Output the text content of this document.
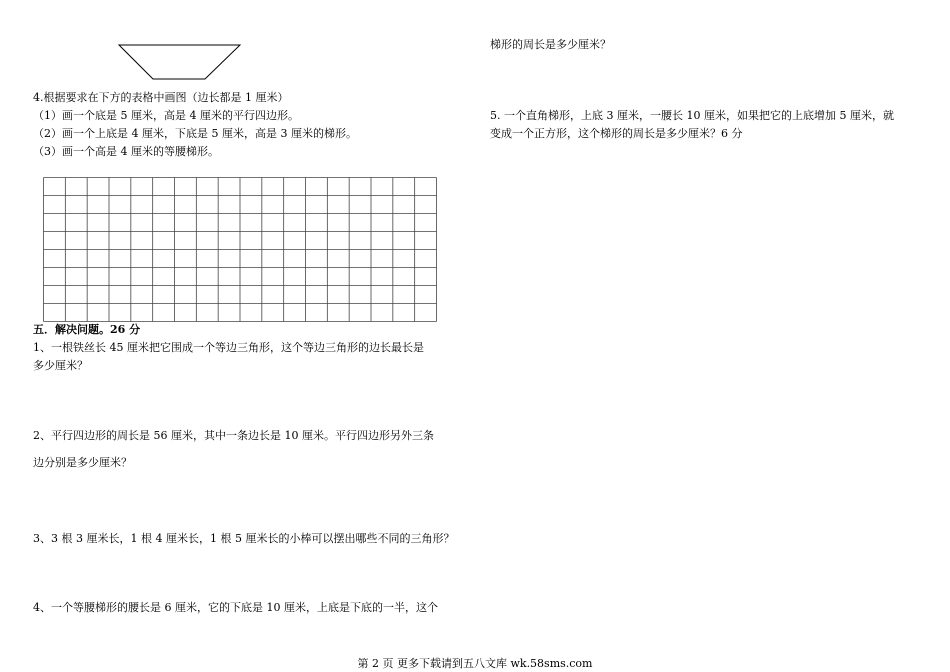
4.根据要求在下方的表格中画图（边长都是 1 厘米）
（1）画一个底是 5 厘米，高是 4 厘米的平行四边形。
（2）画一个上底是 4 厘米，下底是 5 厘米，高是 3 厘米的梯形。
（3）画一个高是 4 厘米的等腰梯形。
五．解决问题。26 分
1、一根铁丝长 45 厘米把它围成一个等边三角形，这个等边三角形的边长最长是
多少厘米？
2、平行四边形的周长是 56 厘米，其中一条边长是 10 厘米。平行四边形另外三条
边分别是多少厘米？
3、3 根 3 厘米长，1 根 4 厘米长，1 根 5 厘米长的小棒可以摆出哪些不同的三角形？
4、一个等腰梯形的腰长是 6 厘米，它的下底是 10 厘米，上底是下底的一半，这个
梯形的周长是多少厘米？
5. 一个直角梯形，上底 3 厘米，一腰长 10 厘米，如果把它的上底增加 5 厘米，就
变成一个正方形，这个梯形的周长是多少厘米？6 分
第 2 页 更多下载请到五八文库 wk.58sms.com
